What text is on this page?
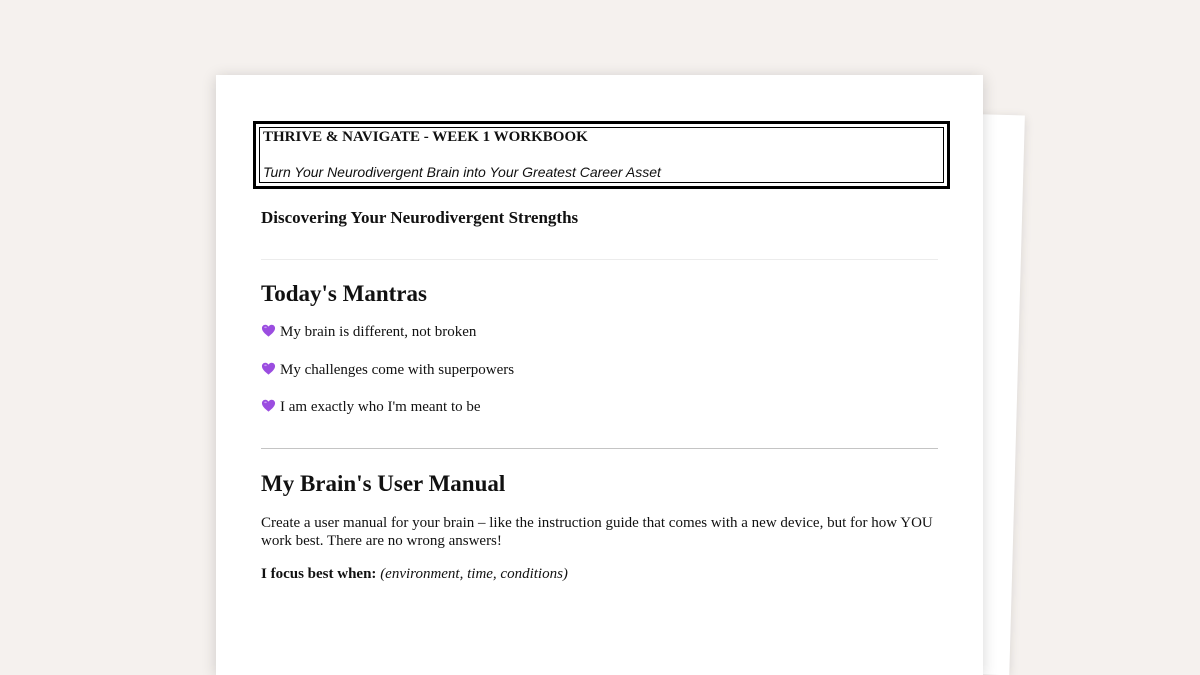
THRIVE & NAVIGATE - WEEK 1 WORKBOOK
Turn Your Neurodivergent Brain into Your Greatest Career Asset
Discovering Your Neurodivergent Strengths
Today's Mantras
My brain is different, not broken
My challenges come with superpowers
I am exactly who I'm meant to be
My Brain's User Manual
Create a user manual for your brain – like the instruction guide that comes with a new device, but for how YOU work best. There are no wrong answers!
I focus best when: (environment, time, conditions)
